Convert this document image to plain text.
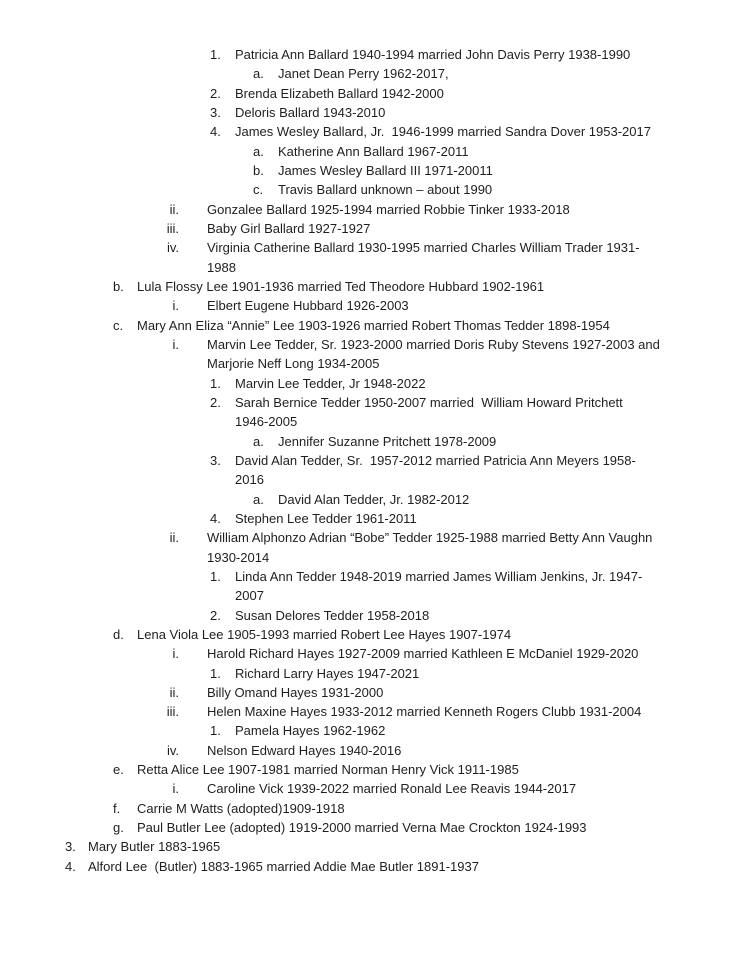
1.	Patricia Ann Ballard 1940-1994 married John Davis Perry 1938-1990
a.	Janet Dean Perry 1962-2017,
2.	Brenda Elizabeth Ballard 1942-2000
3.	Deloris Ballard 1943-2010
4.	James Wesley Ballard, Jr.  1946-1999 married Sandra Dover 1953-2017
a.	Katherine Ann Ballard 1967-2011
b.	James Wesley Ballard III 1971-20011
c.	Travis Ballard unknown – about 1990
ii.	Gonzalee Ballard 1925-1994 married Robbie Tinker 1933-2018
iii.	Baby Girl Ballard 1927-1927
iv.	Virginia Catherine Ballard 1930-1995 married Charles William Trader 1931-
1988
b.	Lula Flossy Lee 1901-1936 married Ted Theodore Hubbard 1902-1961
i.	Elbert Eugene Hubbard 1926-2003
c.	Mary Ann Eliza “Annie” Lee 1903-1926 married Robert Thomas Tedder 1898-1954
i.	Marvin Lee Tedder, Sr. 1923-2000 married Doris Ruby Stevens 1927-2003 and
Marjorie Neff Long 1934-2005
1.	Marvin Lee Tedder, Jr 1948-2022
2.	Sarah Bernice Tedder 1950-2007 married  William Howard Pritchett
1946-2005
a.	Jennifer Suzanne Pritchett 1978-2009
3.	David Alan Tedder, Sr.  1957-2012 married Patricia Ann Meyers 1958-
2016
a.	David Alan Tedder, Jr. 1982-2012
4.	Stephen Lee Tedder 1961-2011
ii.	William Alphonzo Adrian “Bobe” Tedder 1925-1988 married Betty Ann Vaughn
1930-2014
1.	Linda Ann Tedder 1948-2019 married James William Jenkins, Jr. 1947-
2007
2.	Susan Delores Tedder 1958-2018
d.	Lena Viola Lee 1905-1993 married Robert Lee Hayes 1907-1974
i.	Harold Richard Hayes 1927-2009 married Kathleen E McDaniel 1929-2020
1.	Richard Larry Hayes 1947-2021
ii.	Billy Omand Hayes 1931-2000
iii.	Helen Maxine Hayes 1933-2012 married Kenneth Rogers Clubb 1931-2004
1.	Pamela Hayes 1962-1962
iv.	Nelson Edward Hayes 1940-2016
e.	Retta Alice Lee 1907-1981 married Norman Henry Vick 1911-1985
i.	Caroline Vick 1939-2022 married Ronald Lee Reavis 1944-2017
f.	Carrie M Watts (adopted)1909-1918
g.	Paul Butler Lee (adopted) 1919-2000 married Verna Mae Crockton 1924-1993
3. Mary Butler 1883-1965
4. Alford Lee  (Butler) 1883-1965 married Addie Mae Butler 1891-1937
